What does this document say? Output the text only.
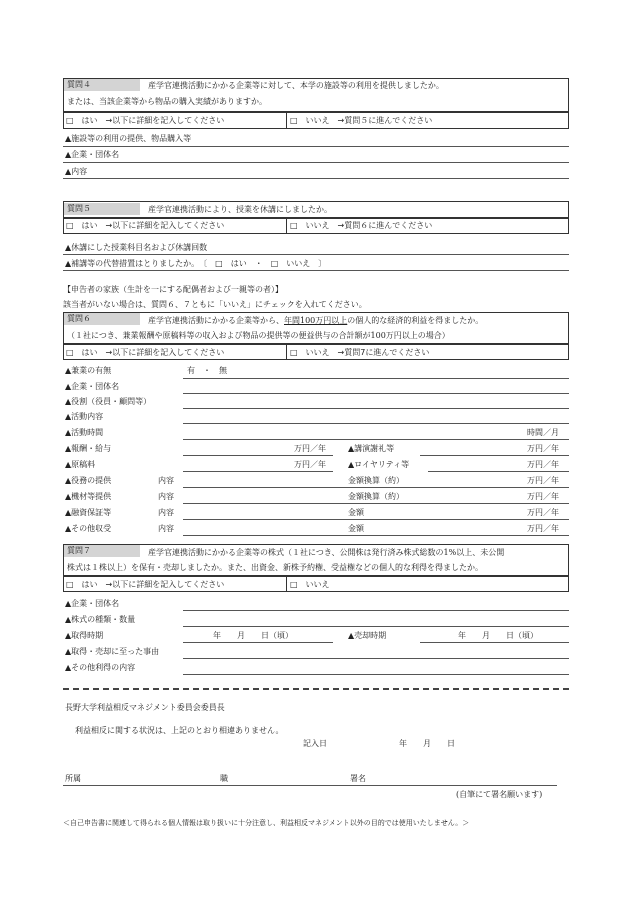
質問４	産学官連携活動にかかる企業等に対して、本学の施設等の利用を提供しましたか。
または、当該企業等から物品の購入実績がありますか。
□　はい　→以下に詳細を記入してください	□　いいえ　→質問５に進んでください
▲施設等の利用の提供、物品購入等
▲企業・団体名
▲内容
質問５	産学官連携活動により、授業を休講にしましたか。
□　はい　→以下に詳細を記入してください	□　いいえ　→質問６に進んでください
▲休講にした授業科目名および休講回数
▲補講等の代替措置はとりましたか。　〔　□　はい　・　□　いいえ　〕
【申告者の家族（生計を一にする配偶者および一親等の者）】
該当者がいない場合は、質問６、７ともに「いいえ」にチェックを入れてください。
質問６	産学官連携活動にかかる企業等から、年間100万円以上の個人的な経済的利益を得ましたか。
（１社につき、兼業報酬や原稿料等の収入および物品の提供等の便益供与の合計額が100万円以上の場合）
□　はい　→以下に詳細を記入してください	□　いいえ　→質問7に進んでください
▲兼業の有無	有　・　無
▲企業・団体名
▲役割（役員・顧問等）
▲活動内容
▲活動時間	時間／月
▲報酬・給与	万円／年	▲講演謝礼等	万円／年
▲原稿料	万円／年	▲ロイヤリティ等	万円／年
▲役務の提供	内容	金額換算（約）	万円／年
▲機材等提供	内容	金額換算（約）	万円／年
▲融資保証等	内容	金額	万円／年
▲その他収受	内容	金額	万円／年
質問７	産学官連携活動にかかる企業等の株式（１社につき、公開株は発行済み株式総数の1%以上、未公開
株式は１株以上）を保有・売却しましたか。また、出資金、新株予約権、受益権などの個人的な利得を得ましたか。
□　はい　→以下に詳細を記入してください	□　いいえ
▲企業・団体名
▲株式の種類・数量
▲取得時期	年　　月　　日（頃）	▲売却時期	年　　月　　日（頃）
▲取得・売却に至った事由
▲その他利得の内容
長野大学利益相反マネジメント委員会委員長
利益相反に関する状況は、上記のとおり相違ありません。
記入日	年　　月　　日
所属	職	署名
(自筆にて署名願います)
＜自己申告書に関連して得られる個人情報は取り扱いに十分注意し、利益相反マネジメント以外の目的では使用いたしません。＞
